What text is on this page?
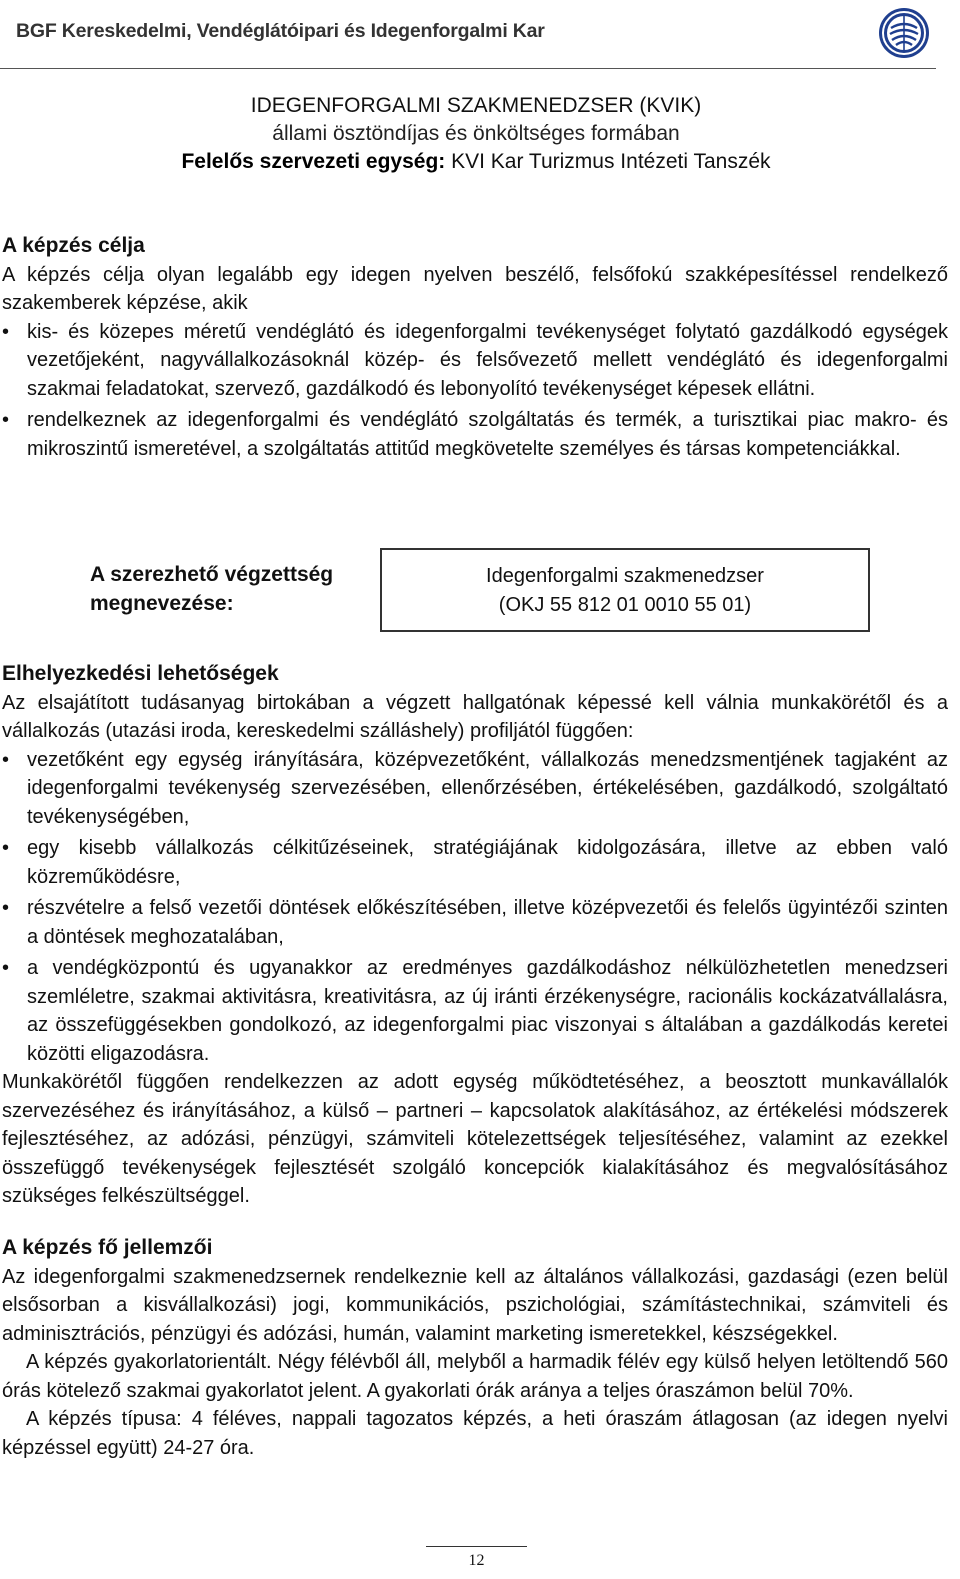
BGF Kereskedelmi, Vendéglátóipari és Idegenforgalmi Kar
IDEGENFORGALMI SZAKMENEDZSER (KVIK)
állami ösztöndíjas és önköltséges formában
Felelős szervezeti egység: KVI Kar Turizmus Intézeti Tanszék
A képzés célja
A képzés célja olyan legalább egy idegen nyelven beszélő, felsőfokú szakképesítéssel rendelkező szakemberek képzése, akik
• kis- és közepes méretű vendéglátó és idegenforgalmi tevékenységet folytató gazdálkodó egységek vezetőjeként, nagyvállalkozásoknál közép- és felsővezető mellett vendéglátó és idegenforgalmi szakmai feladatokat, szervező, gazdálkodó és lebonyolító tevékenységet képesek ellátni.
• rendelkeznek az idegenforgalmi és vendéglátó szolgáltatás és termék, a turisztikai piac makro- és mikroszintű ismeretével, a szolgáltatás attitűd megkövetelte személyes és társas kompetenciákkal.
A szerezhető végzettség
megnevezése:
Idegenforgalmi szakmenedzser
(OKJ 55 812 01 0010 55 01)
Elhelyezkedési lehetőségek
Az elsajátított tudásanyag birtokában a végzett hallgatónak képessé kell válnia munkakörétől és a vállalkozás (utazási iroda, kereskedelmi szálláshely) profiljától függően:
• vezetőként egy egység irányítására, középvezetőként, vállalkozás menedzsmentjének tagjaként az idegenforgalmi tevékenység szervezésében, ellenőrzésében, értékelésében, gazdálkodó, szolgáltató tevékenységében,
• egy kisebb vállalkozás célkitűzéseinek, stratégiájának kidolgozására, illetve az ebben való közreműködésre,
• részvételre a felső vezetői döntések előkészítésében, illetve középvezetői és felelős ügyintézői szinten a döntések meghozatalában,
• a vendégközpontú és ugyanakkor az eredményes gazdálkodáshoz nélkülözhetetlen menedzseri szemléletre, szakmai aktivitásra, kreativitásra, az új iránti érzékenységre, racionális kockázatvállalásra, az összefüggésekben gondolkozó, az idegenforgalmi piac viszonyai s általában a gazdálkodás keretei közötti eligazodásra.
Munkakörétől függően rendelkezzen az adott egység működtetéséhez, a beosztott munkavállalók szervezéséhez és irányításához, a külső – partneri – kapcsolatok alakításához, az értékelési módszerek fejlesztéséhez, az adózási, pénzügyi, számviteli kötelezettségek teljesítéséhez, valamint az ezekkel összefüggő tevékenységek fejlesztését szolgáló koncepciók kialakításához és megvalósításához szükséges felkészültséggel.
A képzés fő jellemzői
Az idegenforgalmi szakmenedzsernek rendelkeznie kell az általános vállalkozási, gazdasági (ezen belül elsősorban a kisvállalkozási) jogi, kommunikációs, pszichológiai, számítástechnikai, számviteli és adminisztrációs, pénzügyi és adózási, humán, valamint marketing ismeretekkel, készségekkel.
A képzés gyakorlatorientált. Négy félévből áll, melyből a harmadik félév egy külső helyen letöltendő 560 órás kötelező szakmai gyakorlatot jelent. A gyakorlati órák aránya a teljes óraszámon belül 70%.
A képzés típusa: 4 féléves, nappali tagozatos képzés, a heti óraszám átlagosan (az idegen nyelvi képzéssel együtt) 24-27 óra.
12
